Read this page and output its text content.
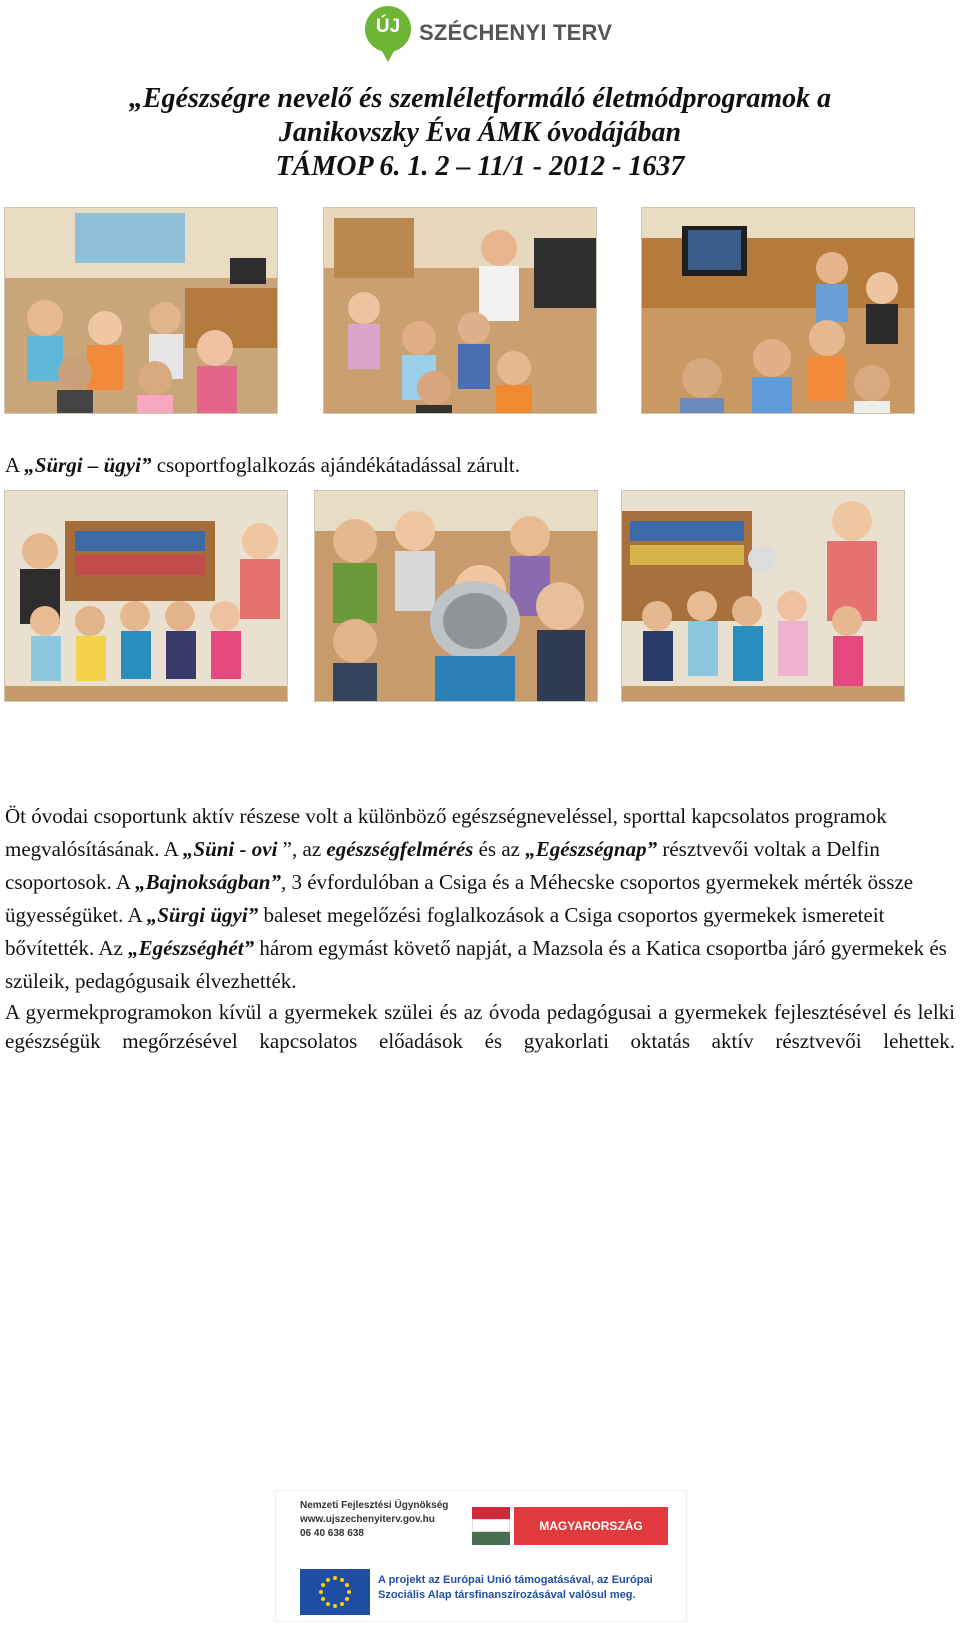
ÚJ SZÉCHENYI TERV
„Egészségre nevelő és szemléletformáló életmódprogramok a
Janikovszky Éva ÁMK óvodájában
TÁMOP 6. 1. 2 – 11/1 - 2012 - 1637
A „Sürgi – ügyi” csoportfoglalkozás ajándékátadással zárult.

Öt óvodai csoportunk aktív részese volt a különböző egészségneveléssel, sporttal kapcsolatos programok megvalósításának. A „Süni - ovi ”, az egészségfelmérés és az „Egészségnap” résztvevői voltak a Delfin csoportosok. A „Bajnokságban”, 3 évfordulóban a Csiga és a Méhecske csoportos gyermekek mérték össze ügyességüket. A „Sürgi ügyi” baleset megelőzési foglalkozások a Csiga csoportos gyermekek ismereteit bővítették. Az „Egészséghét” három egymást követő napját, a Mazsola és a Katica csoportba járó gyermekek és szüleik, pedagógusaik élvezhették.

A gyermekprogramokon kívül a gyermekek szülei és az óvoda pedagógusai a gyermekek fejlesztésével és lelki egészségük megőrzésével kapcsolatos előadások és gyakorlati oktatás aktív résztvevői lehettek.

Nemzeti Fejlesztési Ügynökség
www.ujszechenyiterv.gov.hu
06 40 638 638
MAGYARORSZÁG MEGÚJUL
A projekt az Európai Unió támogatásával, az Európai Szociális Alap társfinanszírozásával valósul meg.
